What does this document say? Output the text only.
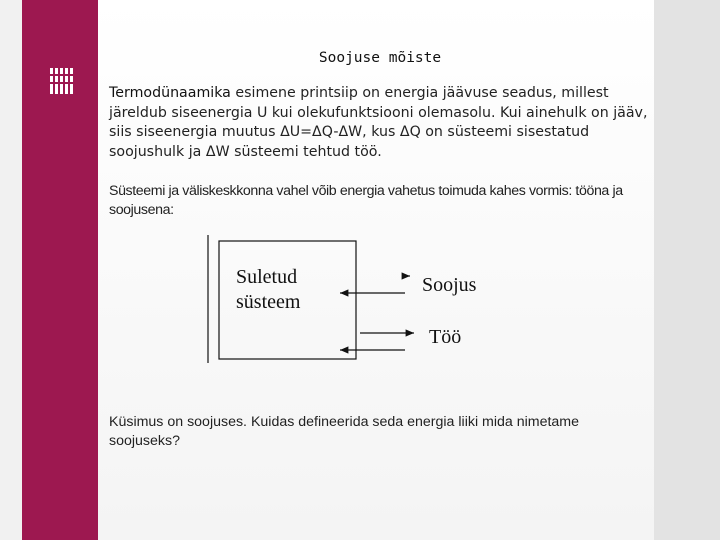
Soojuse mõiste

Termodünaamika esimene printsiip on energia jäävuse seadus, millest järeldub siseenergia U kui olekufunktsiooni olemasolu. Kui ainehulk on jääv, siis siseenergia muutus ΔU=ΔQ-ΔW, kus ΔQ on süsteemi sisestatud soojushulk ja ΔW süsteemi tehtud töö.

Süsteemi ja väliskeskkonna vahel võib energia vahetus toimuda kahes vormis: tööna ja soojusena:

Suletud
süsteem
Soojus
Töö

Küsimus on soojuses. Kuidas defineerida seda energia liiki mida nimetame soojuseks?
